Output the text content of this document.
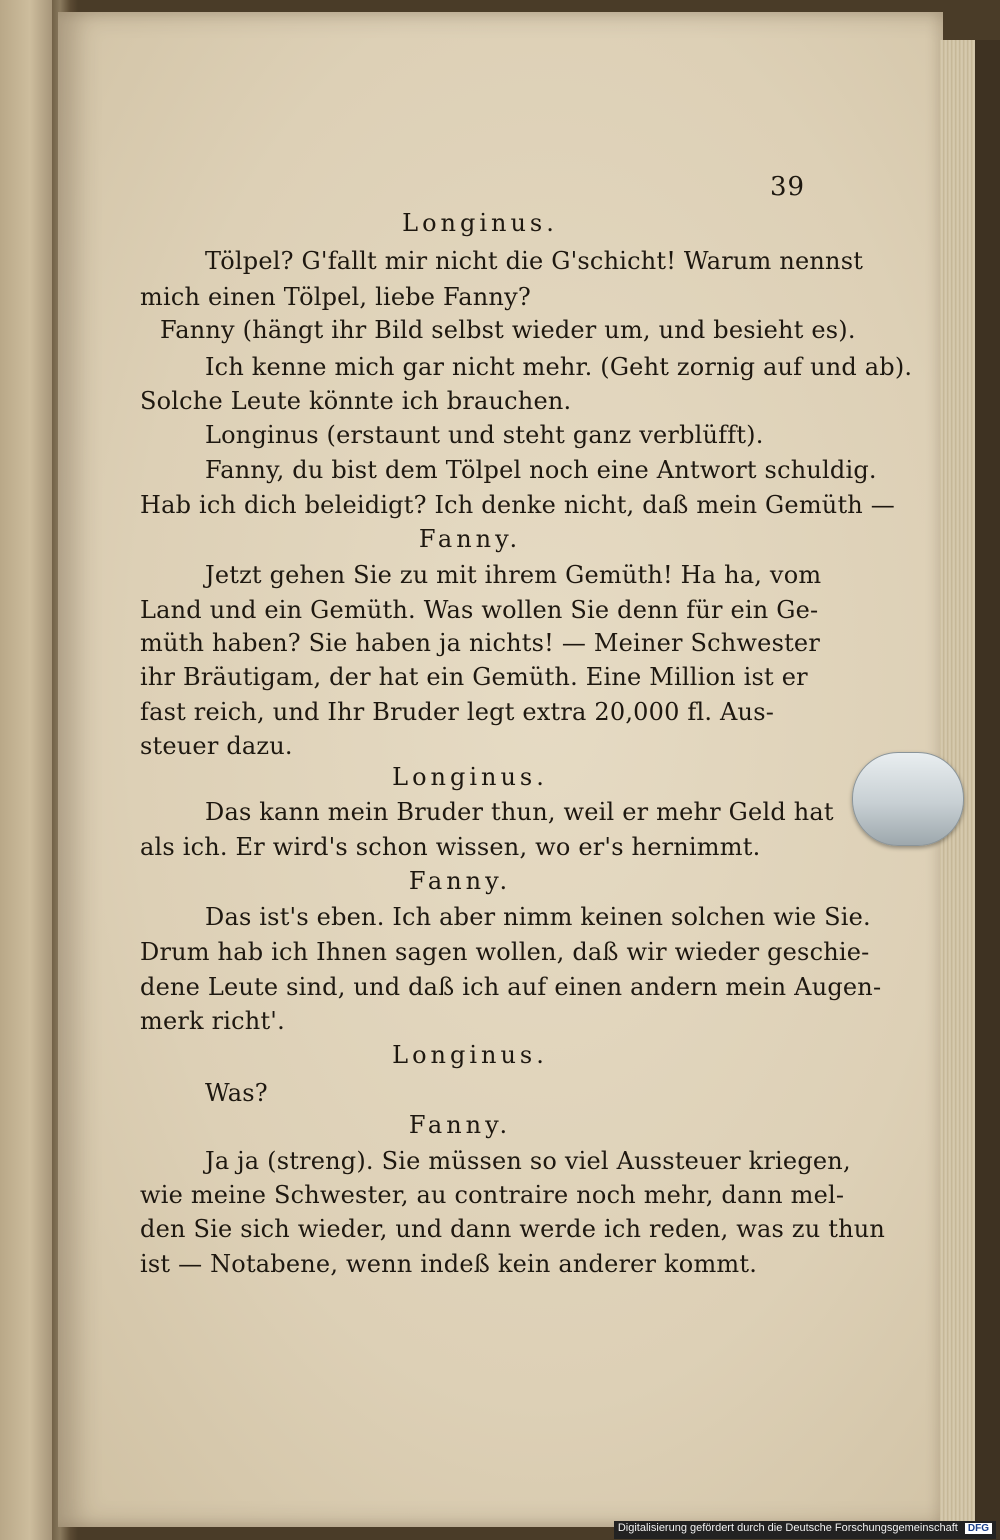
39
Longinus.
Tölpel? G'fallt mir nicht die G'schicht! Warum nennst
mich einen Tölpel, liebe Fanny?
Fanny (hängt ihr Bild selbst wieder um, und besieht es).
Ich kenne mich gar nicht mehr. (Geht zornig auf und ab).
Solche Leute könnte ich brauchen.
Longinus (erstaunt und steht ganz verblüfft).
Fanny, du bist dem Tölpel noch eine Antwort schuldig.
Hab ich dich beleidigt? Ich denke nicht, daß mein Gemüth —
Fanny.
Jetzt gehen Sie zu mit ihrem Gemüth! Ha ha, vom
Land und ein Gemüth. Was wollen Sie denn für ein Ge-
müth haben? Sie haben ja nichts! — Meiner Schwester
ihr Bräutigam, der hat ein Gemüth. Eine Million ist er
fast reich, und Ihr Bruder legt extra 20,000 fl. Aus-
steuer dazu.
Longinus.
Das kann mein Bruder thun, weil er mehr Geld hat
als ich. Er wird's schon wissen, wo er's hernimmt.
Fanny.
Das ist's eben. Ich aber nimm keinen solchen wie Sie.
Drum hab ich Ihnen sagen wollen, daß wir wieder geschie-
dene Leute sind, und daß ich auf einen andern mein Augen-
merk richt'.
Longinus.
Was?
Fanny.
Ja ja (streng). Sie müssen so viel Aussteuer kriegen,
wie meine Schwester, au contraire noch mehr, dann mel-
den Sie sich wieder, und dann werde ich reden, was zu thun
ist — Notabene, wenn indeß kein anderer kommt.
Digitalisierung gefördert durch die Deutsche Forschungsgemeinschaft DFG
